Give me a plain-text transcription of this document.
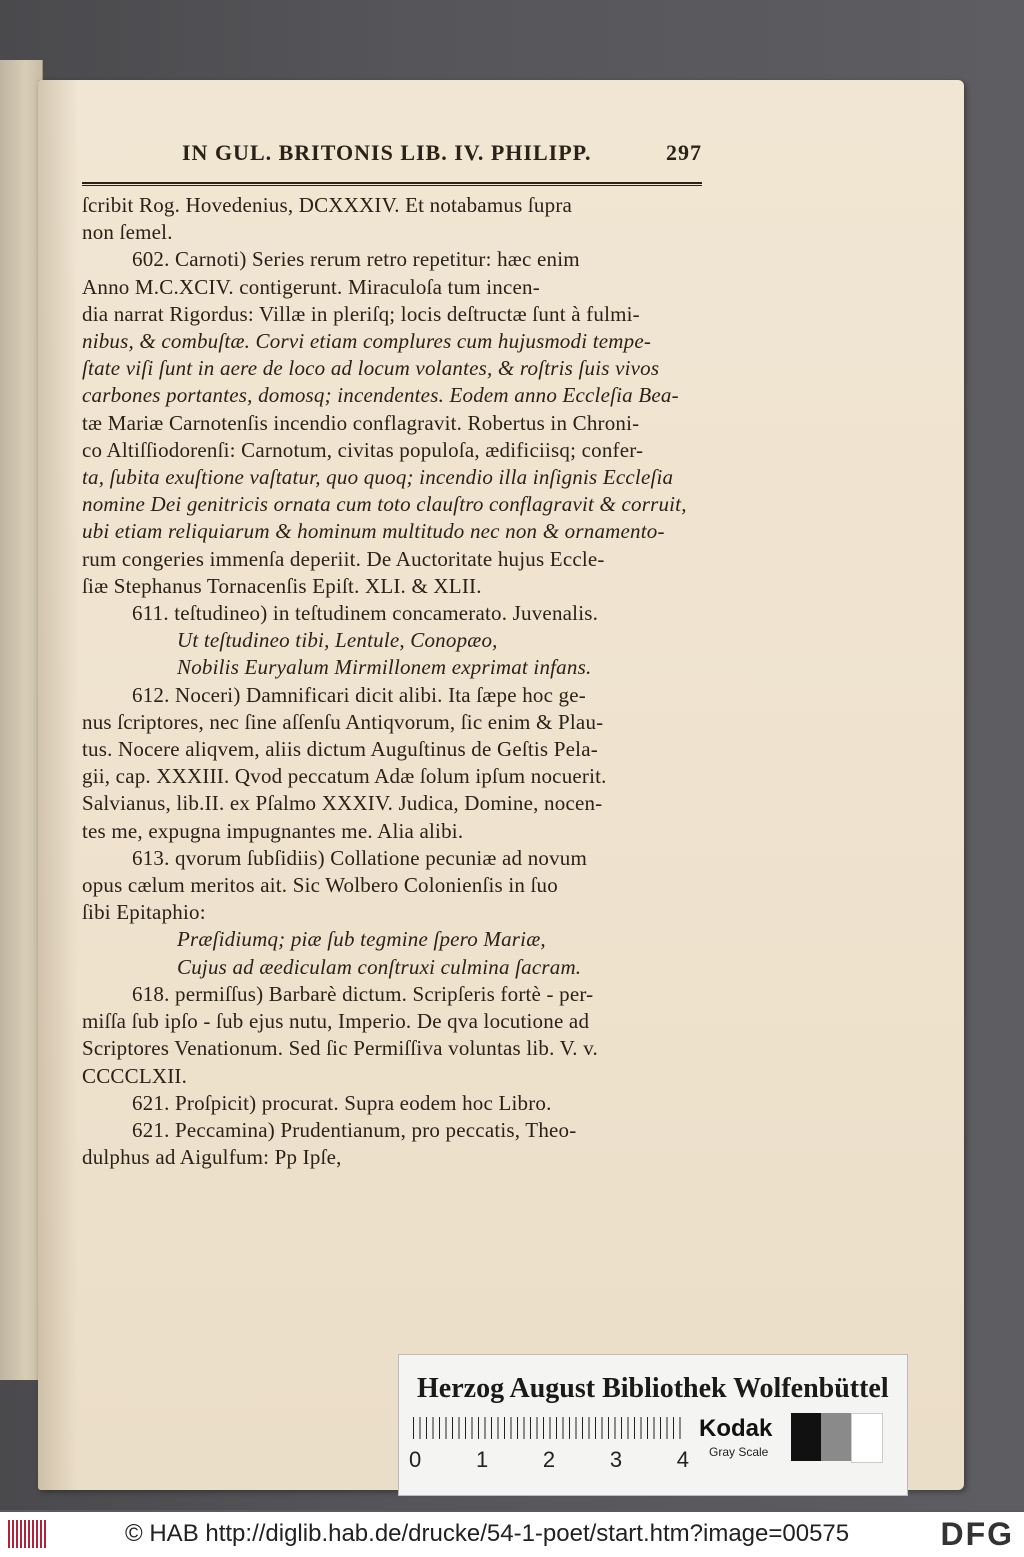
IN GUL. BRITONIS LIB. IV. PHILIPP.	297

ſcribit Rog. Hovedenius, DCXXXIV. Et notabamus ſupra

non ſemel.

602. Carnoti) Series rerum retro repetitur: hæc enim

Anno M.C.XCIV. contigerunt. Miraculoſa tum incen-

dia narrat Rigordus: Villæ in pleriſq; locis deſtructæ ſunt à fulmi-

nibus, & combuſtæ. Corvi etiam complures cum hujusmodi tempe-

ſtate viſi ſunt in aere de loco ad locum volantes, & roſtris ſuis vivos

carbones portantes, domosq; incendentes. Eodem anno Eccleſia Bea-

tæ Mariæ Carnotenſis incendio conflagravit. Robertus in Chroni-

co Altiſſiodorenſi: Carnotum, civitas populoſa, ædificiisq; confer-

ta, ſubita exuſtione vaſtatur, quo quoq; incendio illa inſignis Eccleſia

nomine Dei genitricis ornata cum toto clauſtro conflagravit & corruit,

ubi etiam reliquiarum & hominum multitudo nec non & ornamento-

rum congeries immenſa deperiit. De Auctoritate hujus Eccle-

ſiæ Stephanus Tornacenſis Epiſt. XLI. & XLII.

611. teſtudineo) in teſtudinem concamerato. Juvenalis.

Ut teſtudineo tibi, Lentule, Conopæo,

Nobilis Euryalum Mirmillonem exprimat infans.

612. Noceri) Damnificari dicit alibi. Ita ſæpe hoc ge-

nus ſcriptores, nec ſine aſſenſu Antiqvorum, ſic enim & Plau-

tus. Nocere aliqvem, aliis dictum Auguſtinus de Geſtis Pela-

gii, cap. XXXIII. Qvod peccatum Adæ ſolum ipſum nocuerit.

Salvianus, lib.II. ex Pſalmo XXXIV. Judica, Domine, nocen-

tes me, expugna impugnantes me. Alia alibi.

613. qvorum ſubſidiis) Collatione pecuniæ ad novum

opus cælum meritos ait. Sic Wolbero Colonienſis in ſuo

ſibi Epitaphio:

Præſidiumq; piæ ſub tegmine ſpero Mariæ,

Cujus ad æediculam conſtruxi culmina ſacram.

618. permiſſus) Barbarè dictum. Scripſeris fortè - per-

miſſa ſub ipſo - ſub ejus nutu, Imperio. De qva locutione ad

Scriptores Venationum. Sed ſic Permiſſiva voluntas lib. V. v.

CCCCLXII.

621. Proſpicit) procurat. Supra eodem hoc Libro.

621. Peccamina) Prudentianum, pro peccatis, Theo-

dulphus ad Aigulfum: Pp Ipſe,

Herzog August Bibliothek Wolfenbüttel
0 1 2 3 4
Kodak
Gray Scale
© HAB http://diglib.hab.de/drucke/54-1-poet/start.htm?image=00575	DFG
